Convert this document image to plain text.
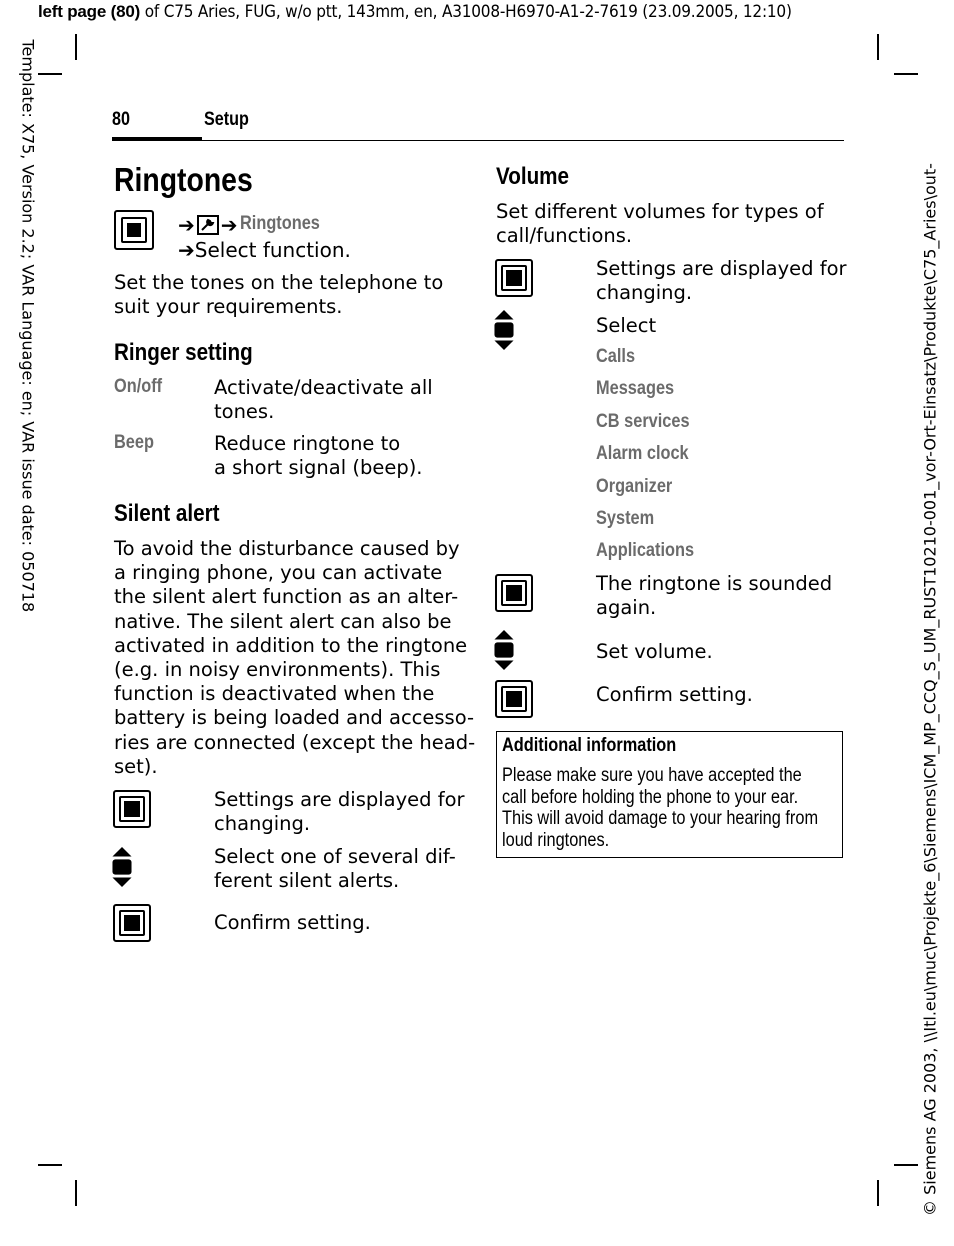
left page (80) of C75 Aries, FUG, w/o ptt, 143mm, en, A31008-H6970-A1-2-7619 (23.09.2005, 12:10)
Template: X75, Version 2.2; VAR Language: en; VAR issue date: 050718	© Siemens AG 2003, \\Itl.eu\muc\Projekte_6\Siemens\ICM_MP_CCQ_S_UM_RUST10210-001_vor-Ort-Einsatz\Produkte\C75_Aries\out-
80	Setup
Ringtones
➔ ➔ Ringtones
➔Select function.
Set the tones on the telephone to
suit your requirements.
Ringer setting
On/off	Activate/deactivate all
tones.
Beep	Reduce ringtone to
a short signal (beep).
Silent alert
To avoid the disturbance caused by
a ringing phone, you can activate
the silent alert function as an alter-
native. The silent alert can also be
activated in addition to the ringtone
(e.g. in noisy environments). This
function is deactivated when the
battery is being loaded and accesso-
ries are connected (except the head-
set).
Settings are displayed for
changing.
Select one of several dif-
ferent silent alerts.
Confirm setting.
Volume
Set different volumes for types of
call/functions.
Settings are displayed for
changing.
Select
Calls
Messages
CB services
Alarm clock
Organizer
System
Applications
The ringtone is sounded
again.
Set volume.
Confirm setting.
Additional information
Please make sure you have accepted the
call before holding the phone to your ear.
This will avoid damage to your hearing from
loud ringtones.
